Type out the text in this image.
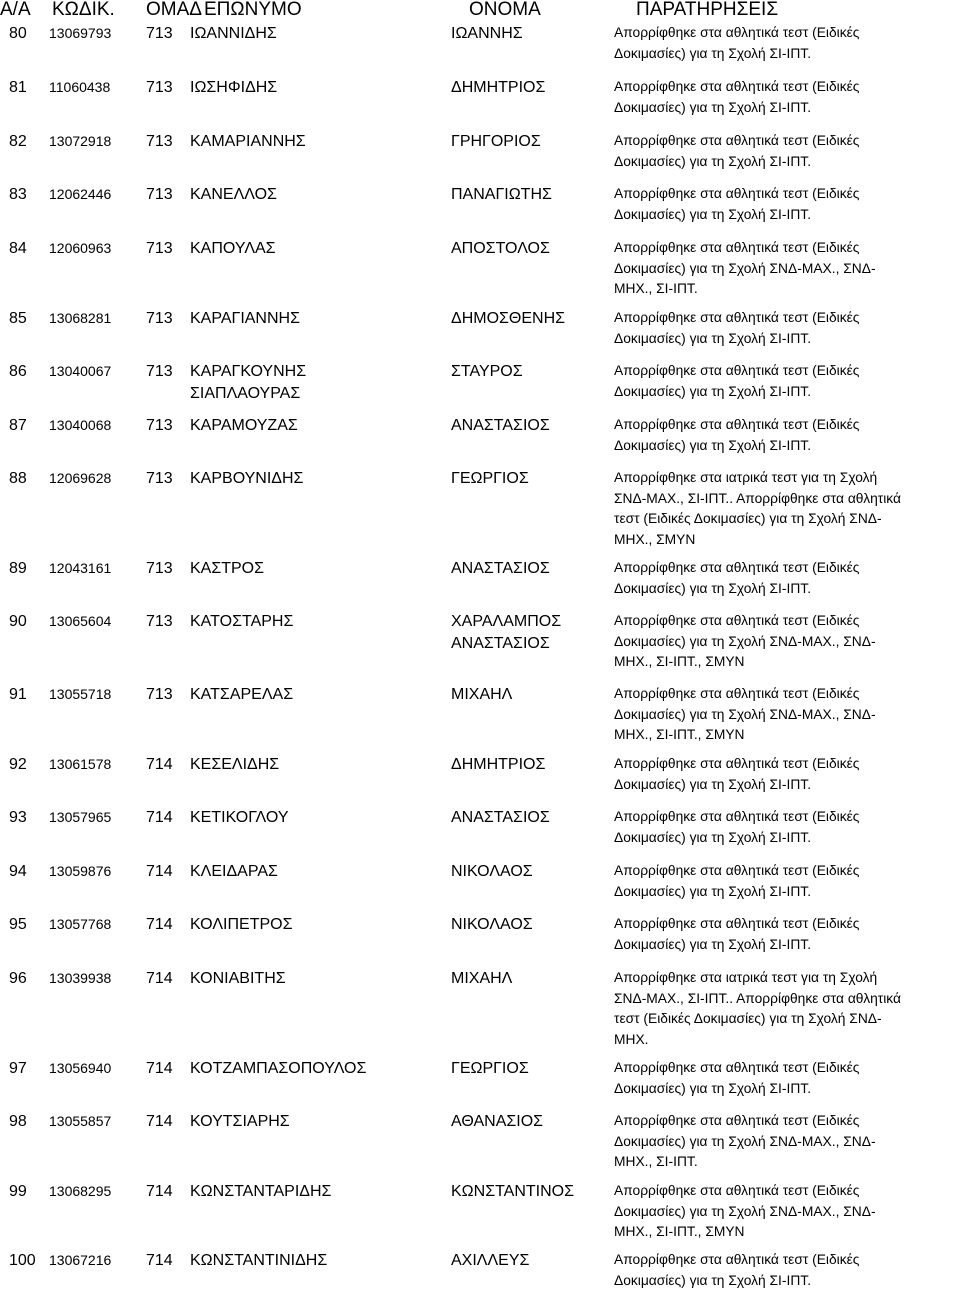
Α/Α ΚΩΔΙΚ. ΟΜΑΔ ΕΠΩΝΥΜΟ	ΟΝΟΜΑ	ΠΑΡΑΤΗΡΗΣΕΙΣ
80 13069793 713 ΙΩΑΝΝΙΔΗΣ	ΙΩΑΝΝΗΣ	Απορρίφθηκε στα αθλητικά τεστ (Ειδικές
Δοκιμασίες) για τη Σχολή ΣΙ-ΙΠΤ.
81 11060438 713 ΙΩΣΗΦΙΔΗΣ	ΔΗΜΗΤΡΙΟΣ	Απορρίφθηκε στα αθλητικά τεστ (Ειδικές
Δοκιμασίες) για τη Σχολή ΣΙ-ΙΠΤ.
82 13072918 713 ΚΑΜΑΡΙΑΝΝΗΣ	ΓΡΗΓΟΡΙΟΣ	Απορρίφθηκε στα αθλητικά τεστ (Ειδικές
Δοκιμασίες) για τη Σχολή ΣΙ-ΙΠΤ.
83 12062446 713 ΚΑΝΕΛΛΟΣ	ΠΑΝΑΓΙΩΤΗΣ	Απορρίφθηκε στα αθλητικά τεστ (Ειδικές
Δοκιμασίες) για τη Σχολή ΣΙ-ΙΠΤ.
84 12060963 713 ΚΑΠΟΥΛΑΣ	ΑΠΟΣΤΟΛΟΣ	Απορρίφθηκε στα αθλητικά τεστ (Ειδικές
Δοκιμασίες) για τη Σχολή ΣΝΔ-ΜΑΧ., ΣΝΔ-
ΜΗΧ., ΣΙ-ΙΠΤ.
85 13068281 713 ΚΑΡΑΓΙΑΝΝΗΣ	ΔΗΜΟΣΘΕΝΗΣ	Απορρίφθηκε στα αθλητικά τεστ (Ειδικές
Δοκιμασίες) για τη Σχολή ΣΙ-ΙΠΤ.
86 13040067 713 ΚΑΡΑΓΚΟΥΝΗΣ
ΣΙΑΠΛΑΟΥΡΑΣ
ΣΤΑΥΡΟΣ	Απορρίφθηκε στα αθλητικά τεστ (Ειδικές
Δοκιμασίες) για τη Σχολή ΣΙ-ΙΠΤ.
87 13040068 713 ΚΑΡΑΜΟΥΖΑΣ	ΑΝΑΣΤΑΣΙΟΣ	Απορρίφθηκε στα αθλητικά τεστ (Ειδικές
Δοκιμασίες) για τη Σχολή ΣΙ-ΙΠΤ.
88 12069628 713 ΚΑΡΒΟΥΝΙΔΗΣ	ΓΕΩΡΓΙΟΣ	Απορρίφθηκε στα ιατρικά τεστ για τη Σχολή
ΣΝΔ-ΜΑΧ., ΣΙ-ΙΠΤ.. Απορρίφθηκε στα αθλητικά
τεστ (Ειδικές Δοκιμασίες) για τη Σχολή ΣΝΔ-
ΜΗΧ., ΣΜΥΝ
89 12043161 713 ΚΑΣΤΡΟΣ	ΑΝΑΣΤΑΣΙΟΣ	Απορρίφθηκε στα αθλητικά τεστ (Ειδικές
Δοκιμασίες) για τη Σχολή ΣΙ-ΙΠΤ.
90 13065604 713 ΚΑΤΟΣΤΑΡΗΣ	ΧΑΡΑΛΑΜΠΟΣ
ΑΝΑΣΤΑΣΙΟΣ
Απορρίφθηκε στα αθλητικά τεστ (Ειδικές
Δοκιμασίες) για τη Σχολή ΣΝΔ-ΜΑΧ., ΣΝΔ-
ΜΗΧ., ΣΙ-ΙΠΤ., ΣΜΥΝ
91 13055718 713 ΚΑΤΣΑΡΕΛΑΣ	ΜΙΧΑΗΛ	Απορρίφθηκε στα αθλητικά τεστ (Ειδικές
Δοκιμασίες) για τη Σχολή ΣΝΔ-ΜΑΧ., ΣΝΔ-
ΜΗΧ., ΣΙ-ΙΠΤ., ΣΜΥΝ
92 13061578 714 ΚΕΣΕΛΙΔΗΣ	ΔΗΜΗΤΡΙΟΣ	Απορρίφθηκε στα αθλητικά τεστ (Ειδικές
Δοκιμασίες) για τη Σχολή ΣΙ-ΙΠΤ.
93 13057965 714 ΚΕΤΙΚΟΓΛΟΥ	ΑΝΑΣΤΑΣΙΟΣ	Απορρίφθηκε στα αθλητικά τεστ (Ειδικές
Δοκιμασίες) για τη Σχολή ΣΙ-ΙΠΤ.
94 13059876 714 ΚΛΕΙΔΑΡΑΣ	ΝΙΚΟΛΑΟΣ	Απορρίφθηκε στα αθλητικά τεστ (Ειδικές
Δοκιμασίες) για τη Σχολή ΣΙ-ΙΠΤ.
95 13057768 714 ΚΟΛΙΠΕΤΡΟΣ	ΝΙΚΟΛΑΟΣ	Απορρίφθηκε στα αθλητικά τεστ (Ειδικές
Δοκιμασίες) για τη Σχολή ΣΙ-ΙΠΤ.
96 13039938 714 ΚΟΝΙΑΒΙΤΗΣ	ΜΙΧΑΗΛ	Απορρίφθηκε στα ιατρικά τεστ για τη Σχολή
ΣΝΔ-ΜΑΧ., ΣΙ-ΙΠΤ.. Απορρίφθηκε στα αθλητικά
τεστ (Ειδικές Δοκιμασίες) για τη Σχολή ΣΝΔ-
ΜΗΧ.
97 13056940 714 ΚΟΤΖΑΜΠΑΣΟΠΟΥΛΟΣ	ΓΕΩΡΓΙΟΣ	Απορρίφθηκε στα αθλητικά τεστ (Ειδικές
Δοκιμασίες) για τη Σχολή ΣΙ-ΙΠΤ.
98 13055857 714 ΚΟΥΤΣΙΑΡΗΣ	ΑΘΑΝΑΣΙΟΣ	Απορρίφθηκε στα αθλητικά τεστ (Ειδικές
Δοκιμασίες) για τη Σχολή ΣΝΔ-ΜΑΧ., ΣΝΔ-
ΜΗΧ., ΣΙ-ΙΠΤ.
99 13068295 714 ΚΩΝΣΤΑΝΤΑΡΙΔΗΣ	ΚΩΝΣΤΑΝΤΙΝΟΣ	Απορρίφθηκε στα αθλητικά τεστ (Ειδικές
Δοκιμασίες) για τη Σχολή ΣΝΔ-ΜΑΧ., ΣΝΔ-
ΜΗΧ., ΣΙ-ΙΠΤ., ΣΜΥΝ
100 13067216 714 ΚΩΝΣΤΑΝΤΙΝΙΔΗΣ	ΑΧΙΛΛΕΥΣ	Απορρίφθηκε στα αθλητικά τεστ (Ειδικές
Δοκιμασίες) για τη Σχολή ΣΙ-ΙΠΤ.
